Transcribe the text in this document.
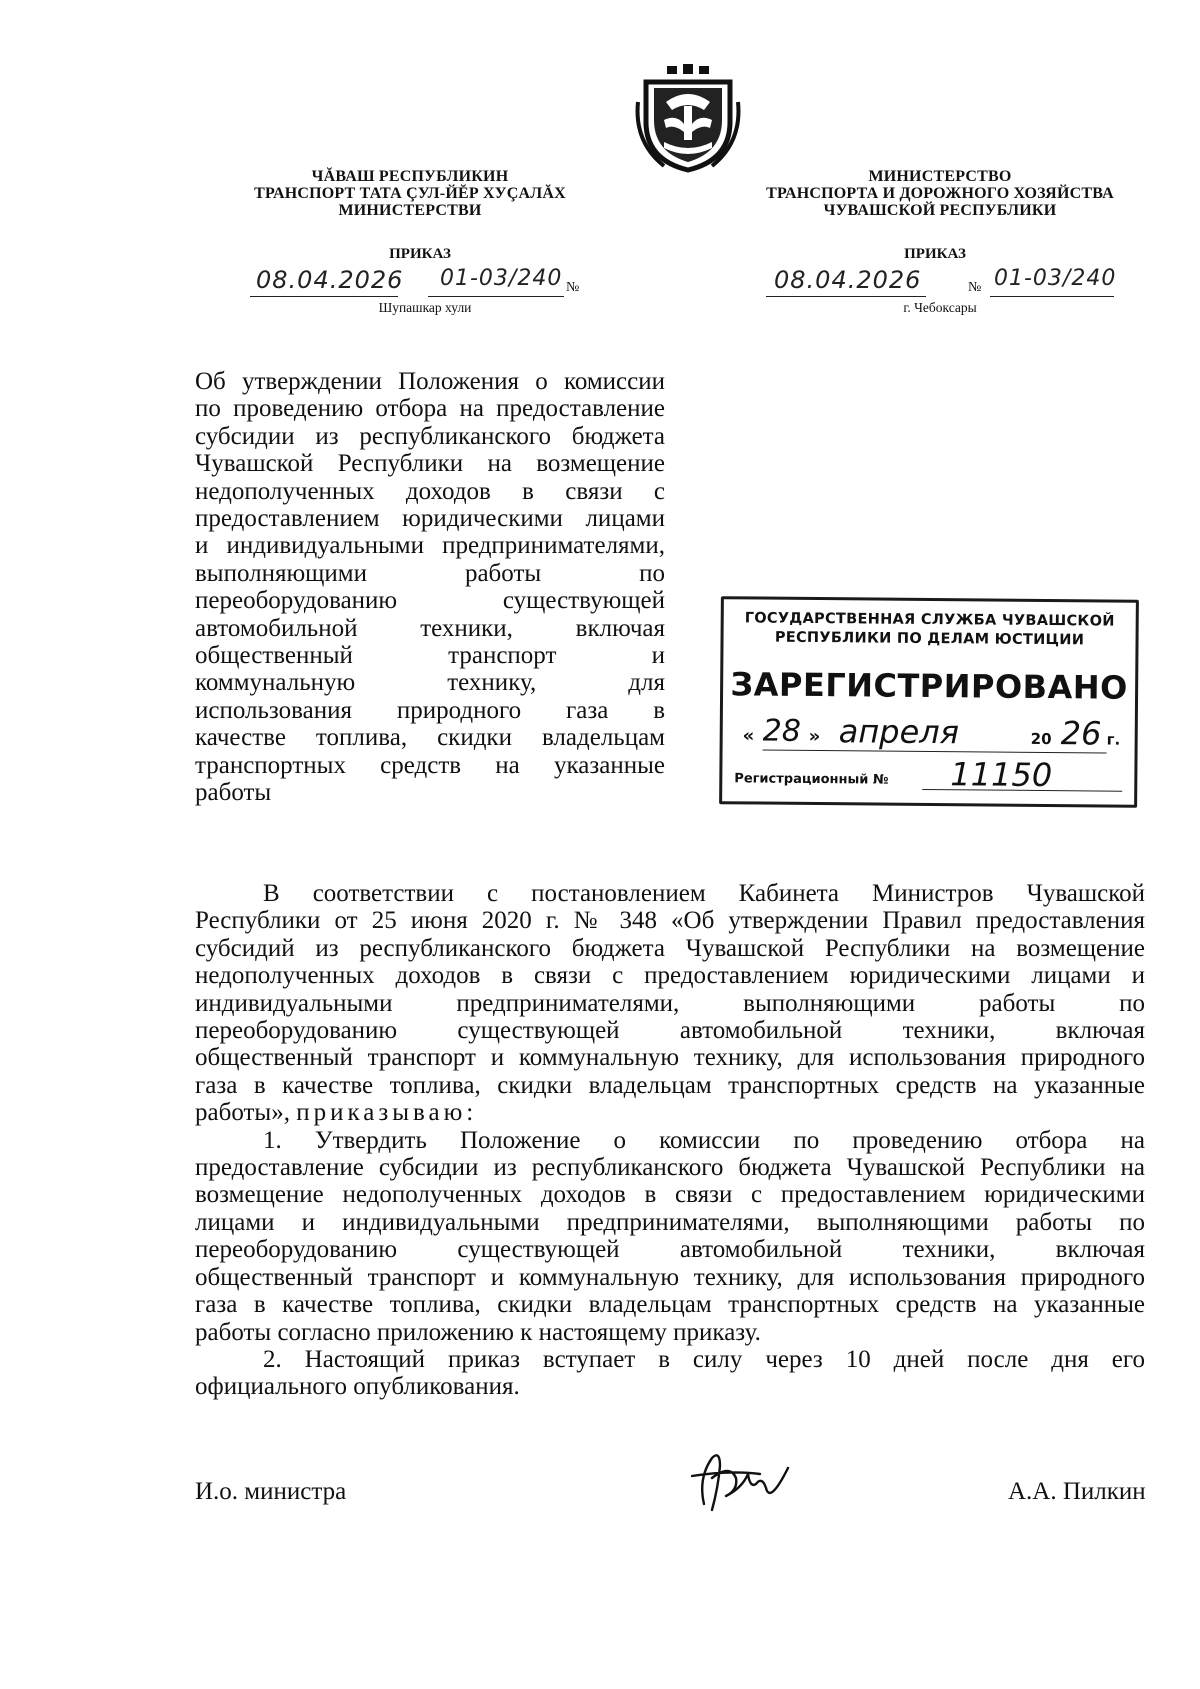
ЧĂВАШ РЕСПУБЛИКИН
ТРАНСПОРТ ТАТА ÇУЛ-ЙĔР ХУÇАЛĂХ
МИНИСТЕРСТВИ
МИНИСТЕРСТВО
ТРАНСПОРТА И ДОРОЖНОГО ХОЗЯЙСТВА
ЧУВАШСКОЙ РЕСПУБЛИКИ
ПРИКАЗ	ПРИКАЗ
08.04.2026 01-03/240 №
Шупашкар хули
08.04.2026	№ 01-03/240
г. Чебоксары
Об утверждении Положения о комиссии
по проведению отбора на предоставление
субсидии из республиканского бюджета
Чувашской Республики на возмещение
недополученных доходов в связи с
предоставлением юридическими лицами
и индивидуальными предпринимателями,
выполняющими работы по
переоборудованию существующей
автомобильной техники, включая
общественный транспорт и
коммунальную технику, для
использования природного газа в
качестве топлива, скидки владельцам
транспортных средств на указанные
работы
ГОСУДАРСТВЕННАЯ СЛУЖБА ЧУВАШСКОЙ
РЕСПУБЛИКИ ПО ДЕЛАМ ЮСТИЦИИ
ЗАРЕГИСТРИРОВАНО
« 28 » апреля	20 26 г.
Регистрационный № 11150
В соответствии с постановлением Кабинета Министров Чувашской
Республики от 25 июня 2020 г. № 348 «Об утверждении Правил предоставления
субсидий из республиканского бюджета Чувашской Республики на возмещение
недополученных доходов в связи с предоставлением юридическими лицами и
индивидуальными предпринимателями, выполняющими работы по
переоборудованию существующей автомобильной техники, включая
общественный транспорт и коммунальную технику, для использования природного
газа в качестве топлива, скидки владельцам транспортных средств на указанные
работы», приказываю:
1. Утвердить Положение о комиссии по проведению отбора на
предоставление субсидии из республиканского бюджета Чувашской Республики на
возмещение недополученных доходов в связи с предоставлением юридическими
лицами и индивидуальными предпринимателями, выполняющими работы по
переоборудованию существующей автомобильной техники, включая
общественный транспорт и коммунальную технику, для использования природного
газа в качестве топлива, скидки владельцам транспортных средств на указанные
работы согласно приложению к настоящему приказу.
2. Настоящий приказ вступает в силу через 10 дней после дня его
официального опубликования.
И.о. министра	А.А. Пилкин
